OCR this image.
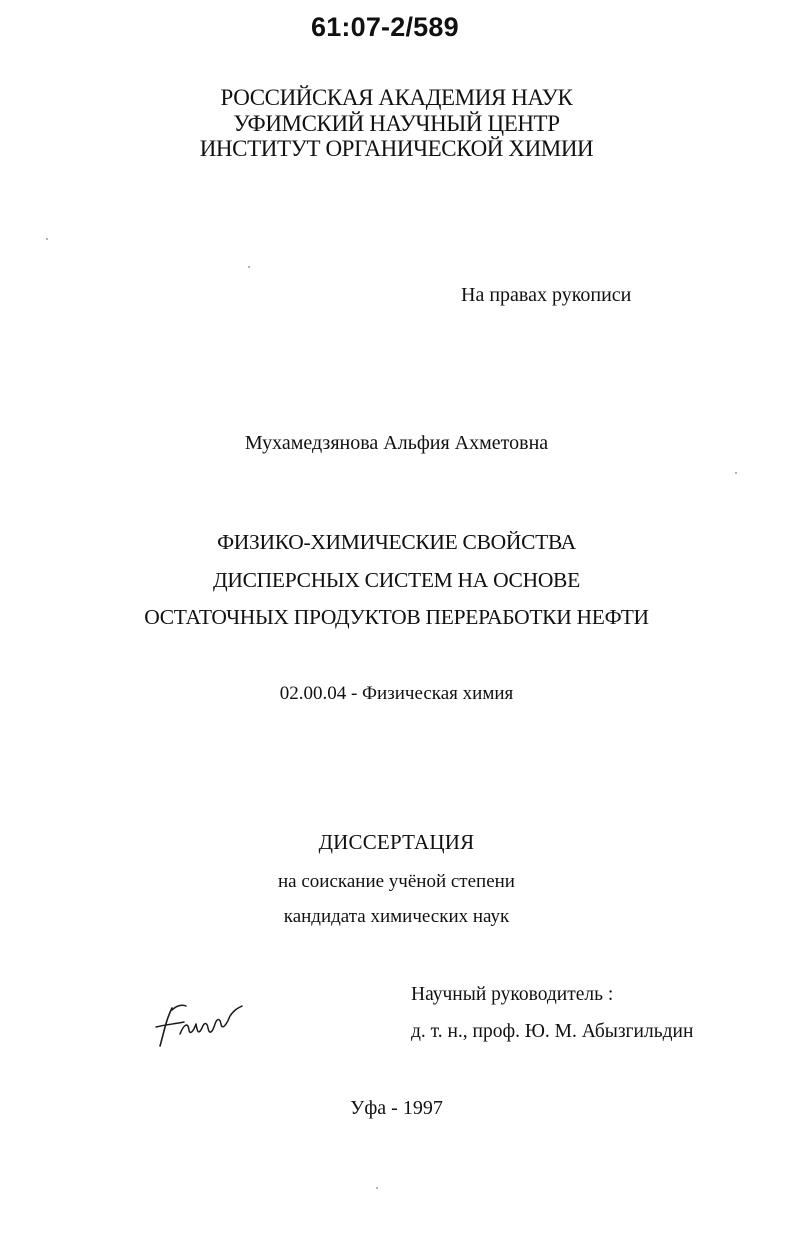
61:07-2/589
РОССИЙСКАЯ АКАДЕМИЯ НАУК
УФИМСКИЙ НАУЧНЫЙ ЦЕНТР
ИНСТИТУТ ОРГАНИЧЕСКОЙ ХИМИИ
На правах рукописи
Мухамедзянова Альфия Ахметовна
ФИЗИКО-ХИМИЧЕСКИЕ СВОЙСТВА
ДИСПЕРСНЫХ СИСТЕМ НА ОСНОВЕ
ОСТАТОЧНЫХ ПРОДУКТОВ ПЕРЕРАБОТКИ НЕФТИ
02.00.04 - Физическая химия
ДИССЕРТАЦИЯ
на соискание учёной степени
кандидата химических наук
Научный руководитель :
д. т. н., проф. Ю. М. Абызгильдин
Уфа - 1997
